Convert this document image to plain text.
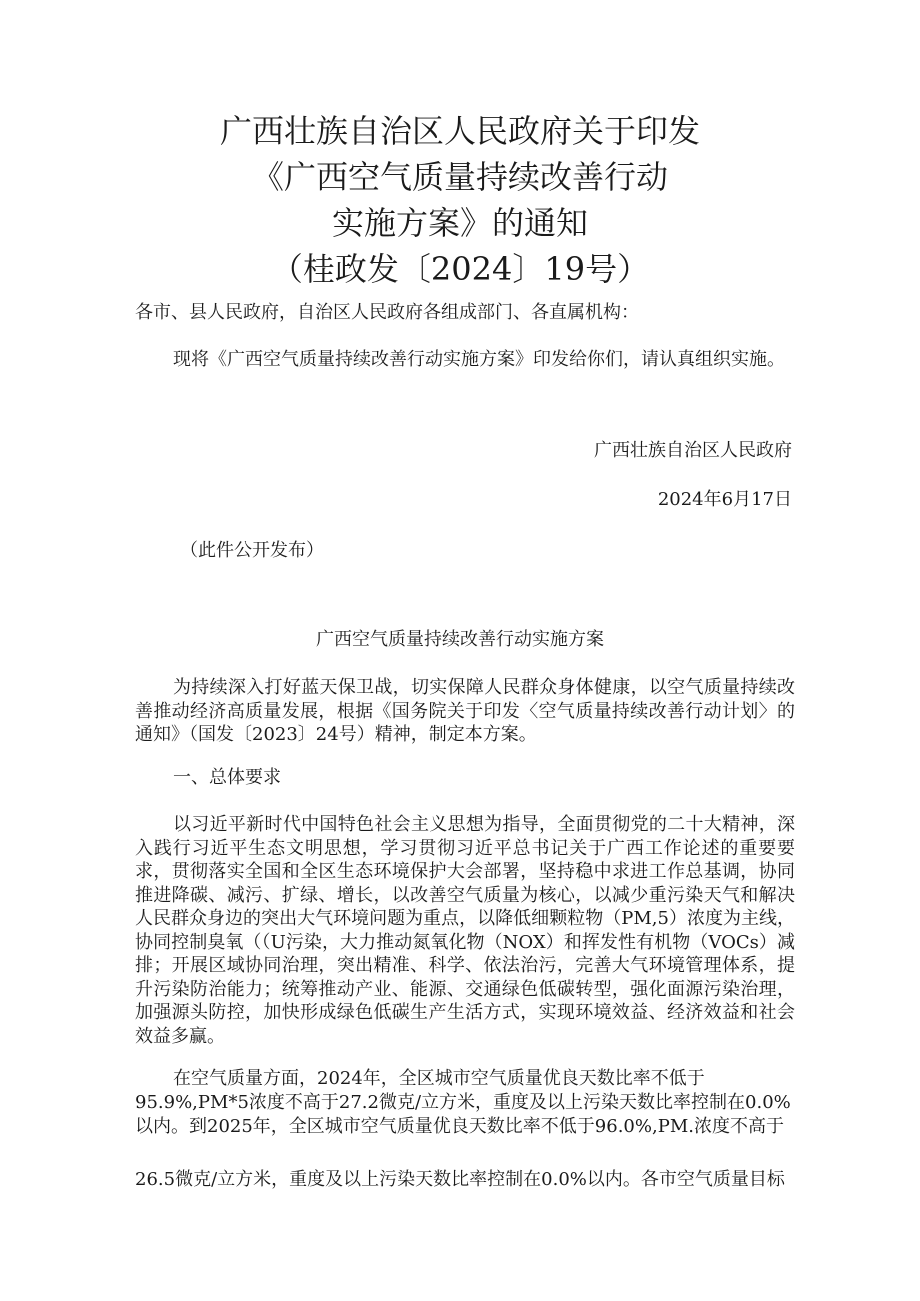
广西壮族自治区人民政府关于印发
《广西空气质量持续改善行动
实施方案》的通知
（桂政发〔2024〕19号）

各市、县人民政府，自治区人民政府各组成部门、各直属机构：

现将《广西空气质量持续改善行动实施方案》印发给你们，请认真组织实施。

广西壮族自治区人民政府

2024年6月17日

（此件公开发布）

广西空气质量持续改善行动实施方案

为持续深入打好蓝天保卫战，切实保障人民群众身体健康，以空气质量持续改善推动经济高质量发展，根据《国务院关于印发〈空气质量持续改善行动计划〉的通知》（国发〔2023〕24号）精神，制定本方案。

一、总体要求

以习近平新时代中国特色社会主义思想为指导，全面贯彻党的二十大精神，深入践行习近平生态文明思想，学习贯彻习近平总书记关于广西工作论述的重要要求，贯彻落实全国和全区生态环境保护大会部署，坚持稳中求进工作总基调，协同推进降碳、减污、扩绿、增长，以改善空气质量为核心，以减少重污染天气和解决人民群众身边的突出大气环境问题为重点，以降低细颗粒物（PM,5）浓度为主线，协同控制臭氧（（U污染，大力推动氮氧化物（NOX）和挥发性有机物（VOCs）减排；开展区域协同治理，突出精准、科学、依法治污，完善大气环境管理体系，提升污染防治能力；统筹推动产业、能源、交通绿色低碳转型，强化面源污染治理，加强源头防控，加快形成绿色低碳生产生活方式，实现环境效益、经济效益和社会效益多赢。

在空气质量方面，2024年，全区城市空气质量优良天数比率不低于

95.9%,PM*5浓度不高于27.2微克/立方米，重度及以上污染天数比率控制在0.0%

以内。到2025年，全区城市空气质量优良天数比率不低于96.0%,PM.浓度不高于

26.5微克/立方米，重度及以上污染天数比率控制在0.0%以内。各市空气质量目标
